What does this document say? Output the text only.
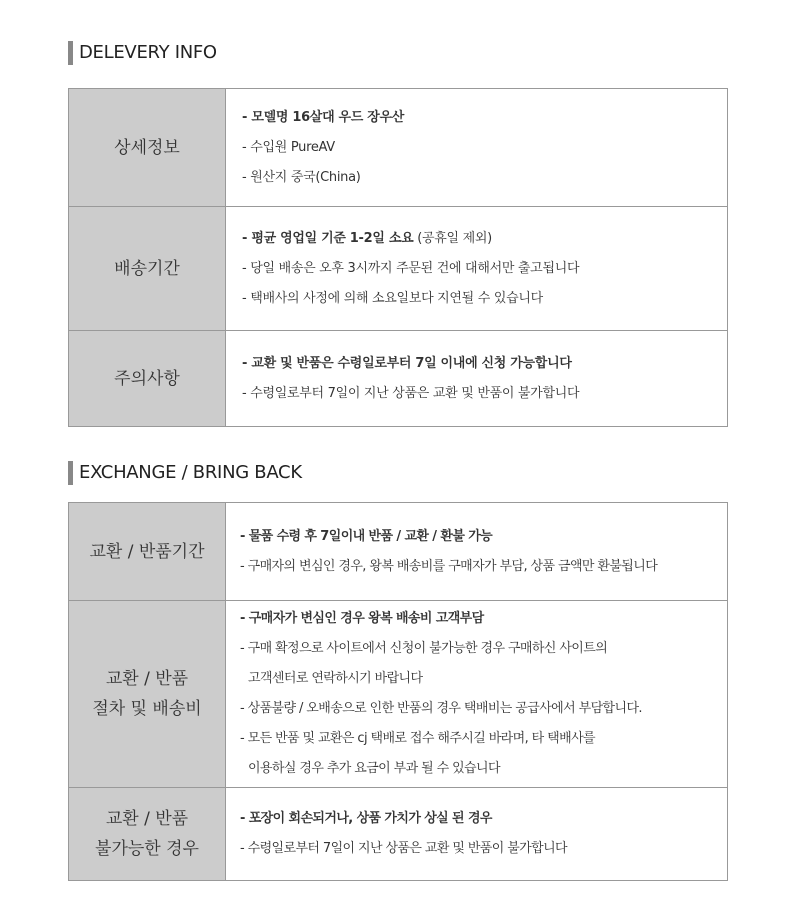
DELEVERY INFO
상세정보
- 모델명 16살대 우드 장우산
- 수입원 PureAV
- 원산지 중국(China)
배송기간
- 평균 영업일 기준 1-2일 소요 (공휴일 제외)
- 당일 배송은 오후 3시까지 주문된 건에 대해서만 출고됩니다
- 택배사의 사정에 의해 소요일보다 지연될 수 있습니다
주의사항
- 교환 및 반품은 수령일로부터 7일 이내에 신청 가능합니다
- 수령일로부터 7일이 지난 상품은 교환 및 반품이 불가합니다
EXCHANGE / BRING BACK
교환 / 반품기간
- 물품 수령 후 7일이내 반품 / 교환 / 환불 가능
- 구매자의 변심인 경우, 왕복 배송비를 구매자가 부담, 상품 금액만 환불됩니다
교환 / 반품
절차 및 배송비
- 구매자가 변심인 경우 왕복 배송비 고객부담
- 구매 확정으로 사이트에서 신청이 불가능한 경우 구매하신 사이트의
고객센터로 연락하시기 바랍니다
- 상품불량 / 오배송으로 인한 반품의 경우 택배비는 공급사에서 부담합니다.
- 모든 반품 및 교환은 cj 택배로 접수 해주시길 바라며, 타 택배사를
이용하실 경우 추가 요금이 부과 될 수 있습니다
교환 / 반품
불가능한 경우
- 포장이 회손되거나, 상품 가치가 상실 된 경우
- 수령일로부터 7일이 지난 상품은 교환 및 반품이 불가합니다
